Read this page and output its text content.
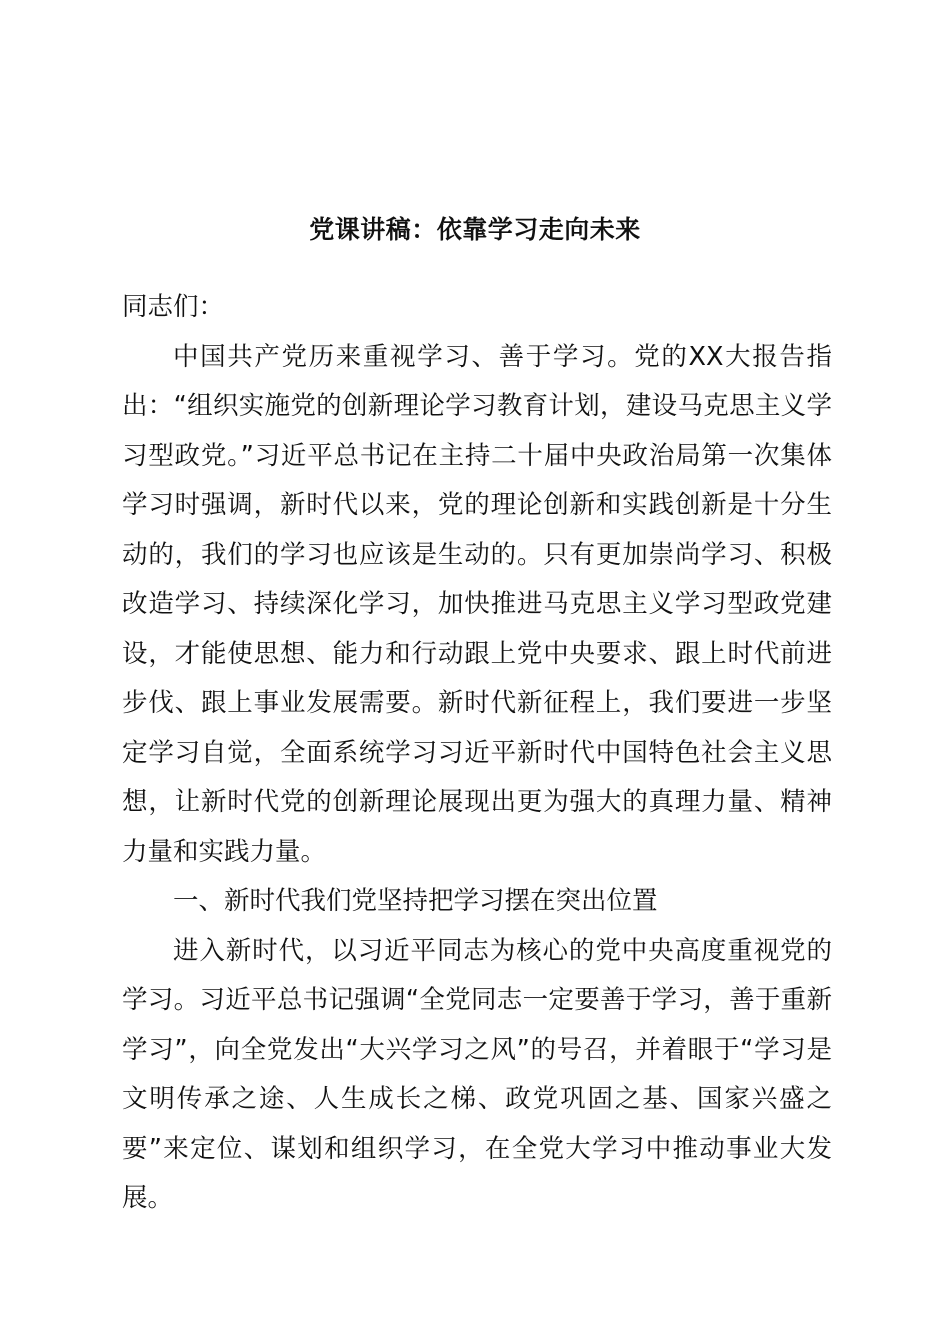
党课讲稿：依靠学习走向未来

同志们：

中国共产党历来重视学习、善于学习。党的XX大报告指出：“组织实施党的创新理论学习教育计划，建设马克思主义学习型政党。”习近平总书记在主持二十届中央政治局第一次集体学习时强调，新时代以来，党的理论创新和实践创新是十分生动的，我们的学习也应该是生动的。只有更加崇尚学习、积极改造学习、持续深化学习，加快推进马克思主义学习型政党建设，才能使思想、能力和行动跟上党中央要求、跟上时代前进步伐、跟上事业发展需要。新时代新征程上，我们要进一步坚定学习自觉，全面系统学习习近平新时代中国特色社会主义思想，让新时代党的创新理论展现出更为强大的真理力量、精神力量和实践力量。

一、新时代我们党坚持把学习摆在突出位置

进入新时代，以习近平同志为核心的党中央高度重视党的学习。习近平总书记强调“全党同志一定要善于学习，善于重新学习”，向全党发出“大兴学习之风”的号召，并着眼于“学习是文明传承之途、人生成长之梯、政党巩固之基、国家兴盛之要”来定位、谋划和组织学习，在全党大学习中推动事业大发展。
